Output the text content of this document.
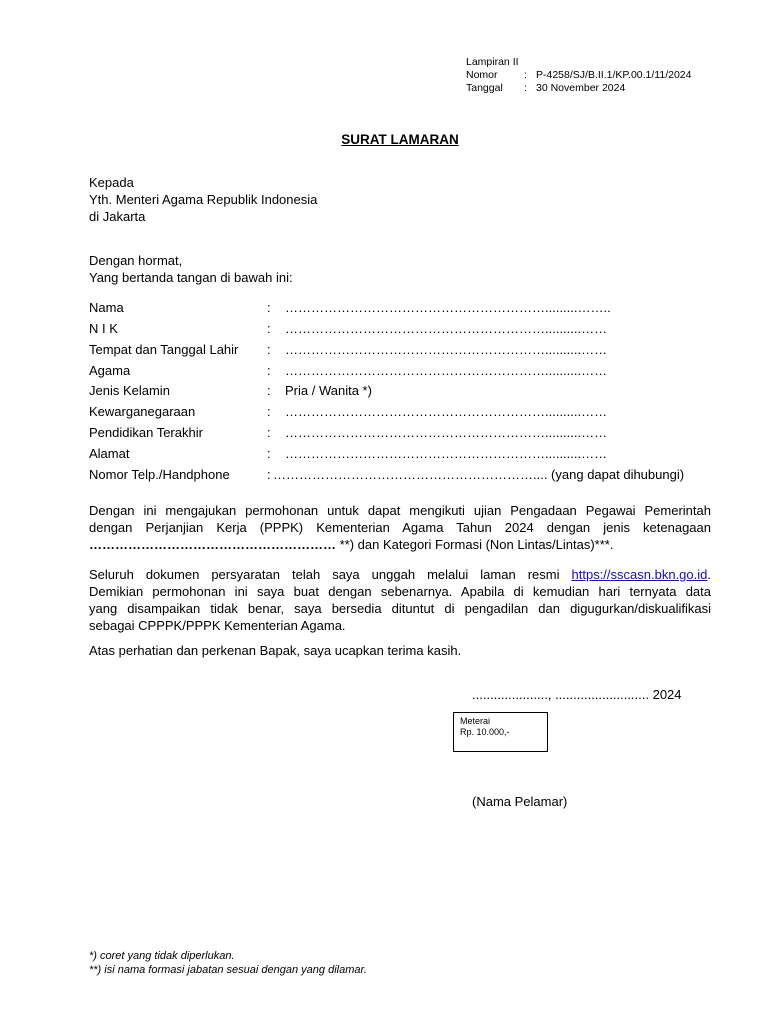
Lampiran II
Nomor	: P-4258/SJ/B.II.1/KP.00.1/11/2024
Tanggal : 30 November 2024
SURAT LAMARAN
Kepada
Yth. Menteri Agama Republik Indonesia
di Jakarta
Dengan hormat,
Yang bertanda tangan di bawah ini:
Nama	: …………………………………………………….........……..
N I K	: ……………………………………………………..........……
Tempat dan Tanggal Lahir : ……………………………………………………..........……
Agama	: ……………………………………………………..........……
Jenis Kelamin	: Pria / Wanita *)
Kewarganegaraan	: ……………………………………………………..........……
Pendidikan Terakhir	: ……………………………………………………..........……
Alamat	: ……………………………………………………..........……
Nomor Telp./Handphone	: …………………………………………………….... (yang dapat dihubungi)
Dengan ini mengajukan permohonan untuk dapat mengikuti ujian Pengadaan Pegawai Pemerintah
dengan Perjanjian Kerja (PPPK) Kementerian Agama Tahun 2024 dengan jenis ketenagaan
………………………………………………… **) dan Kategori Formasi (Non Lintas/Lintas)***.
Seluruh dokumen persyaratan telah saya unggah melalui laman resmi https://sscasn.bkn.go.id.
Demikian permohonan ini saya buat dengan sebenarnya. Apabila di kemudian hari ternyata data
yang disampaikan tidak benar, saya bersedia dituntut di pengadilan dan digugurkan/diskualifikasi
sebagai CPPPK/PPPK Kementerian Agama.
Atas perhatian dan perkenan Bapak, saya ucapkan terima kasih.
....................., .......................... 2024
Meterai
Rp. 10.000,-
(Nama Pelamar)
*) coret yang tidak diperlukan.
**) isi nama formasi jabatan sesuai dengan yang dilamar.
